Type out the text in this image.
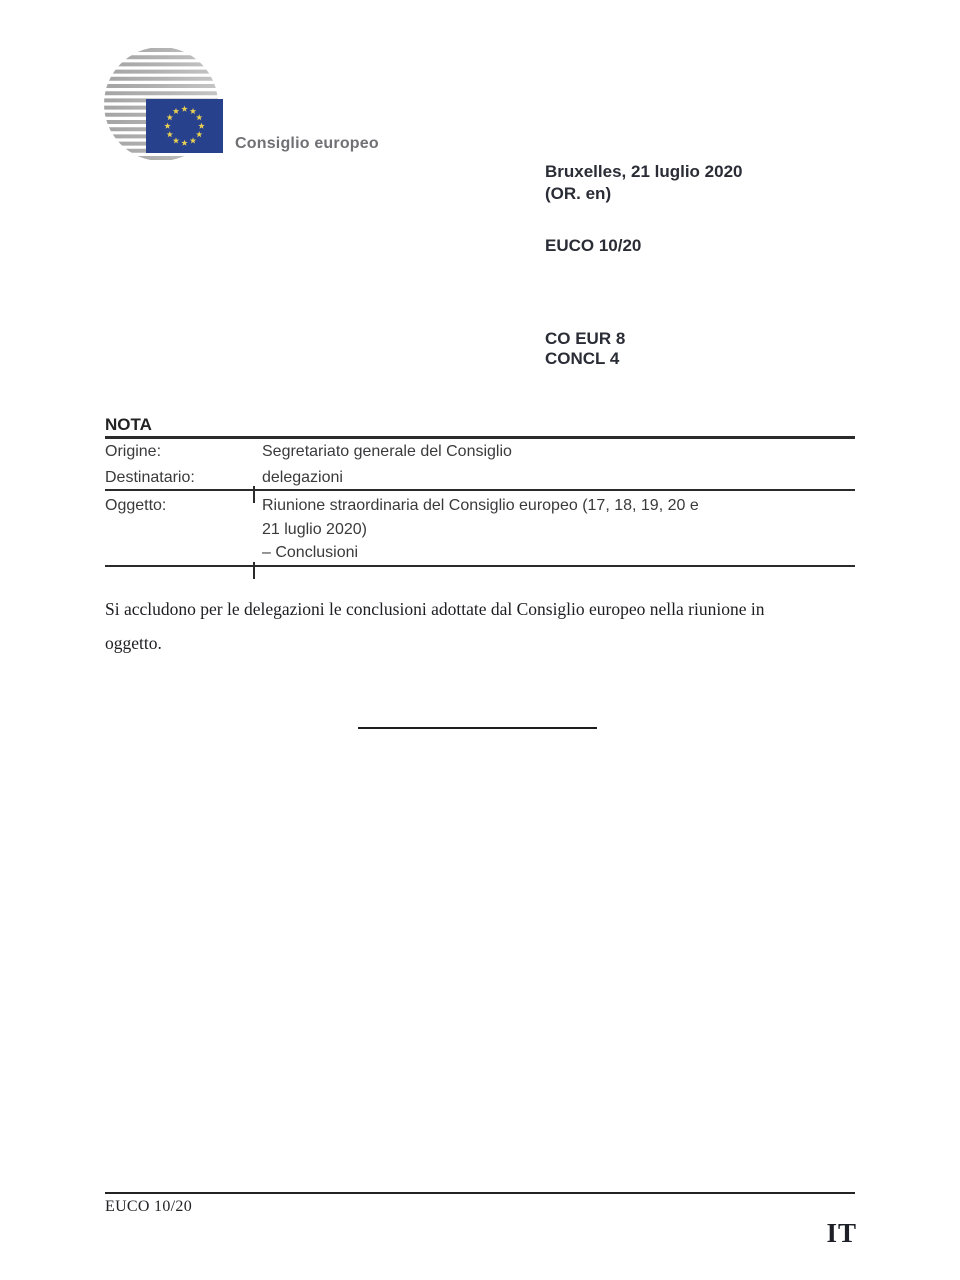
Consiglio europeo
Bruxelles, 21 luglio 2020
(OR. en)
EUCO 10/20
CO EUR 8
CONCL 4
NOTA
Origine:	Segretariato generale del Consiglio
Destinatario:	delegazioni
Oggetto:	Riunione straordinaria del Consiglio europeo (17, 18, 19, 20 e
21 luglio 2020)
– Conclusioni
Si accludono per le delegazioni le conclusioni adottate dal Consiglio europeo nella riunione in
oggetto.
EUCO 10/20
IT
